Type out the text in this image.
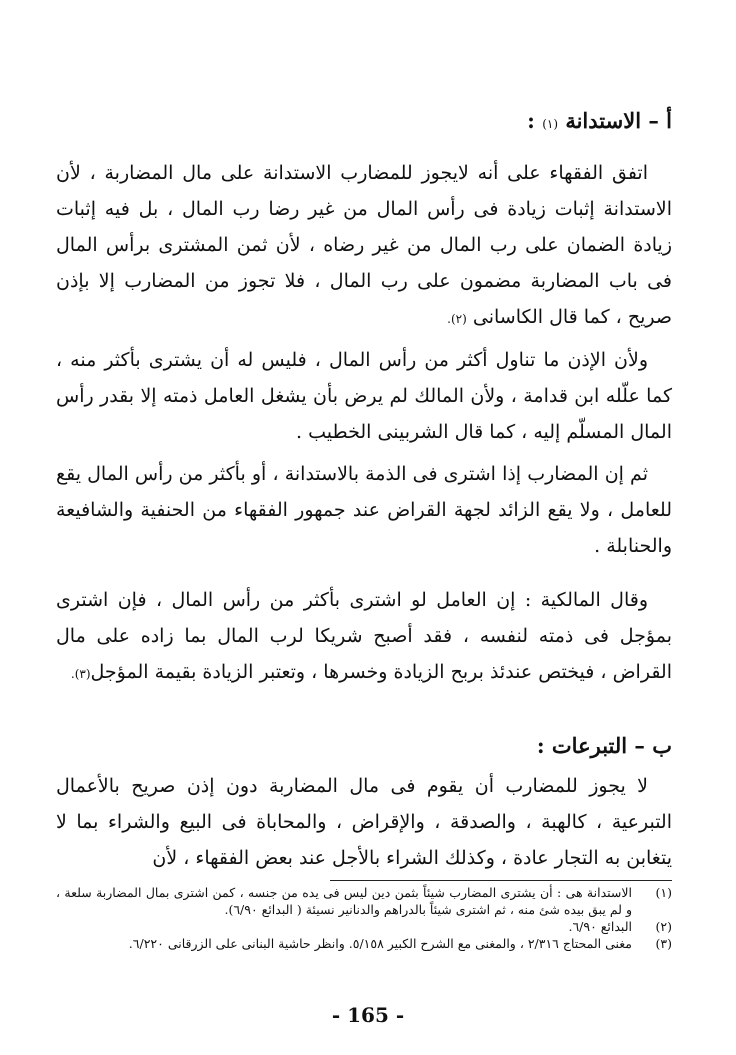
أ – الاستدانة (١) :
اتفق الفقهاء على أنه لايجوز للمضارب الاستدانة على مال المضاربة ، لأن الاستدانة إثبات زيادة فى رأس المال من غير رضا رب المال ، بل فيه إثبات زيادة الضمان على رب المال من غير رضاه ، لأن ثمن المشترى برأس المال فى باب المضاربة مضمون على رب المال ، فلا تجوز من المضارب إلا بإذن صريح ، كما قال الكاسانى (٢).
ولأن الإذن ما تناول أكثر من رأس المال ، فليس له أن يشترى بأكثر منه ، كما علّله ابن قدامة ، ولأن المالك لم يرض بأن يشغل العامل ذمته إلا بقدر رأس المال المسلّم إليه ، كما قال الشربينى الخطيب .
ثم إن المضارب إذا اشترى فى الذمة بالاستدانة ، أو بأكثر من رأس المال يقع للعامل ، ولا يقع الزائد لجهة القراض عند جمهور الفقهاء من الحنفية والشافيعة والحنابلة .
وقال المالكية : إن العامل لو اشترى بأكثر من رأس المال ، فإن اشترى بمؤجل فى ذمته لنفسه ، فقد أصبح شريكا لرب المال بما زاده على مال القراض ، فيختص عندئذ بربح الزيادة وخسرها ، وتعتبر الزيادة بقيمة المؤجل(٣).
ب – التبرعات :
لا يجوز للمضارب أن يقوم فى مال المضاربة دون إذن صريح بالأعمال التبرعية ، كالهبة ، والصدقة ، والإقراض ، والمحاباة فى البيع والشراء بما لا يتغابن به التجار عادة ، وكذلك الشراء بالأجل عند بعض الفقهاء ، لأن
(١)
الاستدانة هى : أن يشترى المضارب شيئاً بثمن دين ليس فى يده من جنسه ، كمن اشترى بمال المضاربة سلعة ، و لم يبق بيده شئ منه ، ثم اشترى شيئاً بالدراهم والدنانير نسيئة ( البدائع ٦/٩٠).
(٢)
البدائع ٦/٩٠.
(٣)
مغنى المحتاج ٢/٣١٦ ، والمغنى مع الشرح الكبير ٥/١٥٨. وانظر حاشية البنانى على الزرقانى ٦/٢٢٠.
- 165 -
